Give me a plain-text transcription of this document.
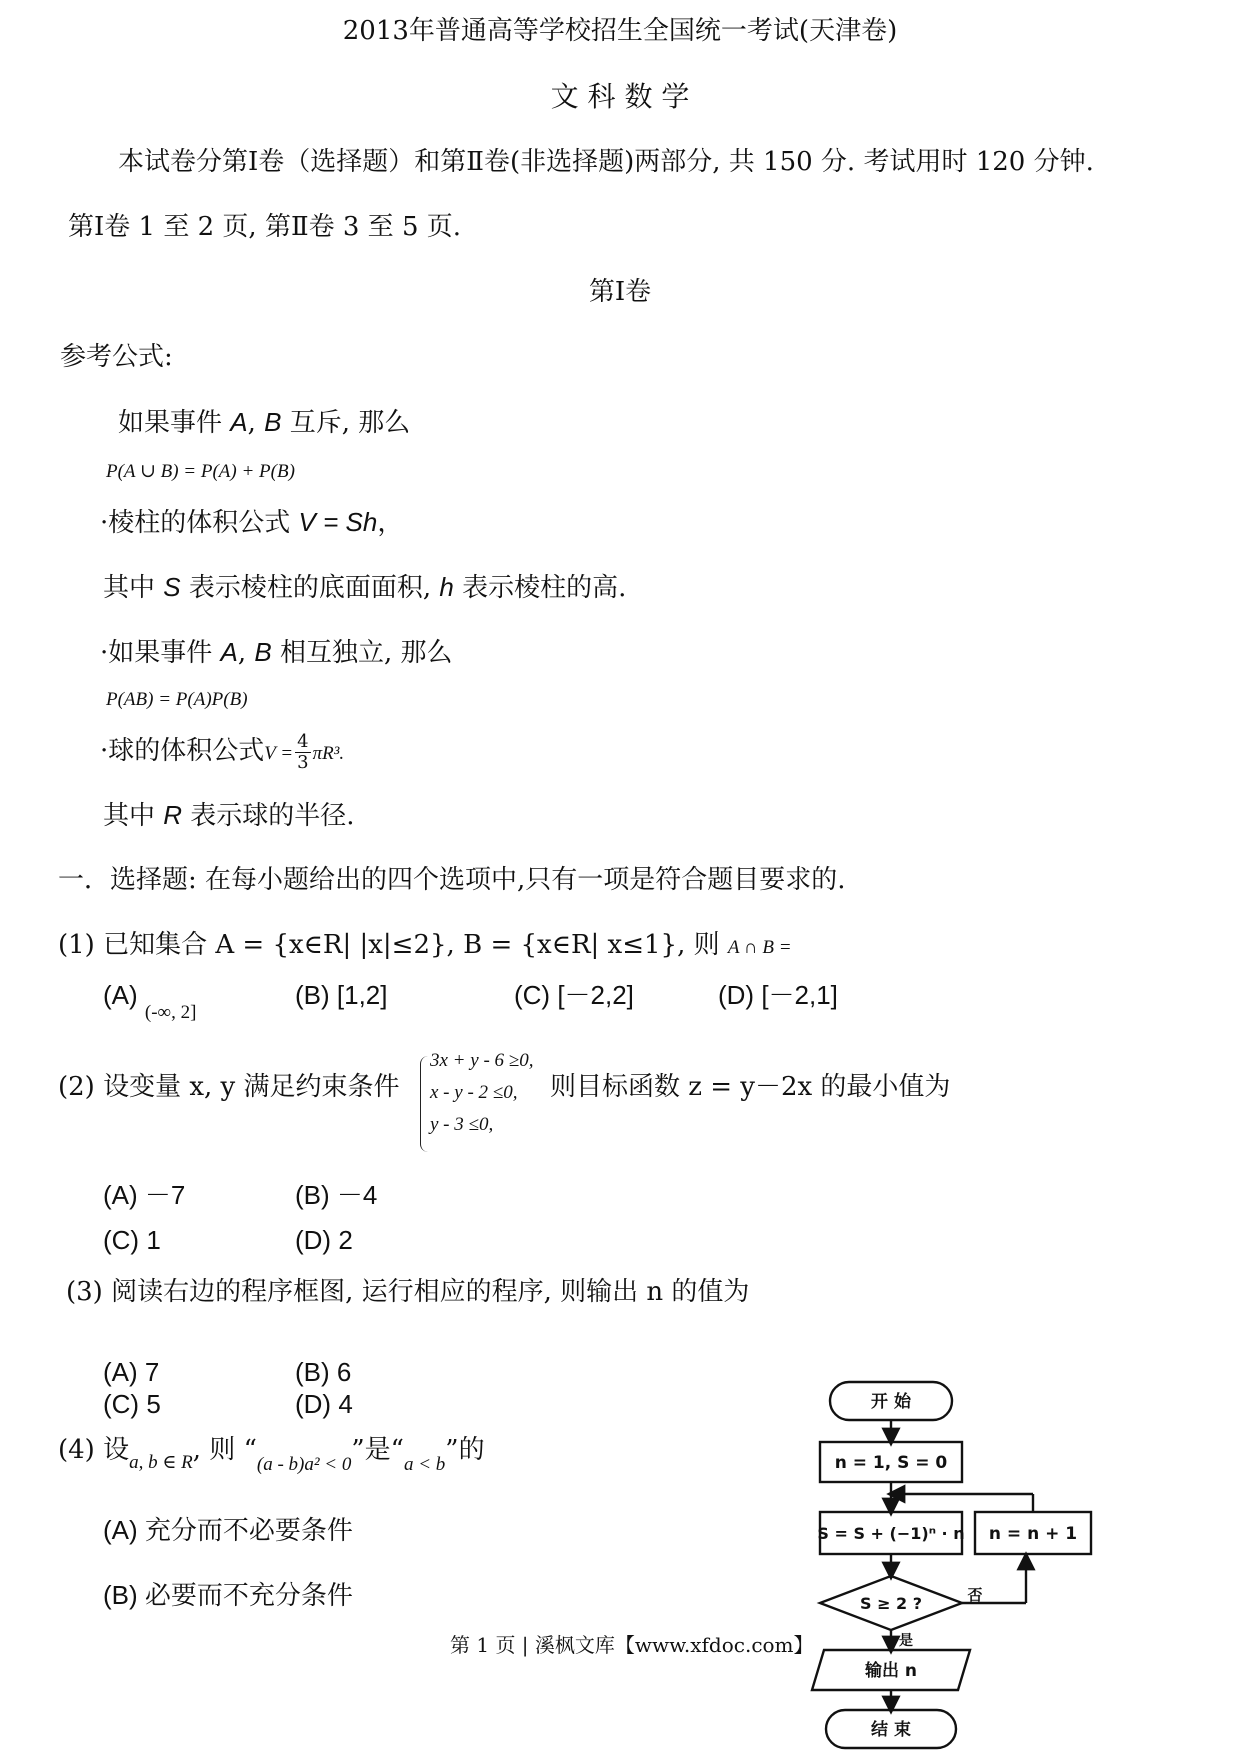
2013年普通高等学校招生全国统一考试(天津卷)
文 科 数 学
本试卷分第Ⅰ卷（选择题）和第Ⅱ卷(非选择题)两部分, 共 150 分. 考试用时 120 分钟.
第Ⅰ卷 1 至 2 页, 第Ⅱ卷 3 至 5 页.
第Ⅰ卷
参考公式:
如果事件 A, B 互斥, 那么
P(A ∪ B) = P(A) + P(B)
·棱柱的体积公式 V = Sh，
其中 S 表示棱柱的底面面积, h 表示棱柱的高.
·如果事件 A, B 相互独立, 那么
P(AB) = P(A)P(B)
·球的体积公式$V = \frac{4}{3} \pi R^3$.
其中 R 表示球的半径.
一．选择题: 在每小题给出的四个选项中,只有一项是符合题目要求的.
(1) 已知集合 A = {x∈R| |x|≤2}, B = {x∈R| x≤1}, 则 A ∩ B =
(A) $_{(-\infty, 2]}$
(B) [1,2]	(C) [－2,2]	(D) [－2,1]
(2) 设变量 x, y 满足约束条件
3x + y - 6 ≥0,
x - y - 2 ≤0,
y - 3 ≤0,
则目标函数 z = y－2x 的最小值为
(A) －7	(B) －4
(C) 1	(D) 2
(3) 阅读右边的程序框图, 运行相应的程序, 则输出 n 的值为
(A) 7	(B) 6
(C) 5	(D) 4
(4) 设$_{a, b \in R}$, 则 “$_{(a - b)a^2 < 0}$”是“$_{a < b}$”的
(A) 充分而不必要条件
(B) 必要而不充分条件
第 1 页 | 溪枫文库【www.xfdoc.com】
开 始
n = 1, S = 0
S = S + (−1)ⁿ · n n = n + 1
S ≥ 2 ?	否
是
输出 n
结 束
